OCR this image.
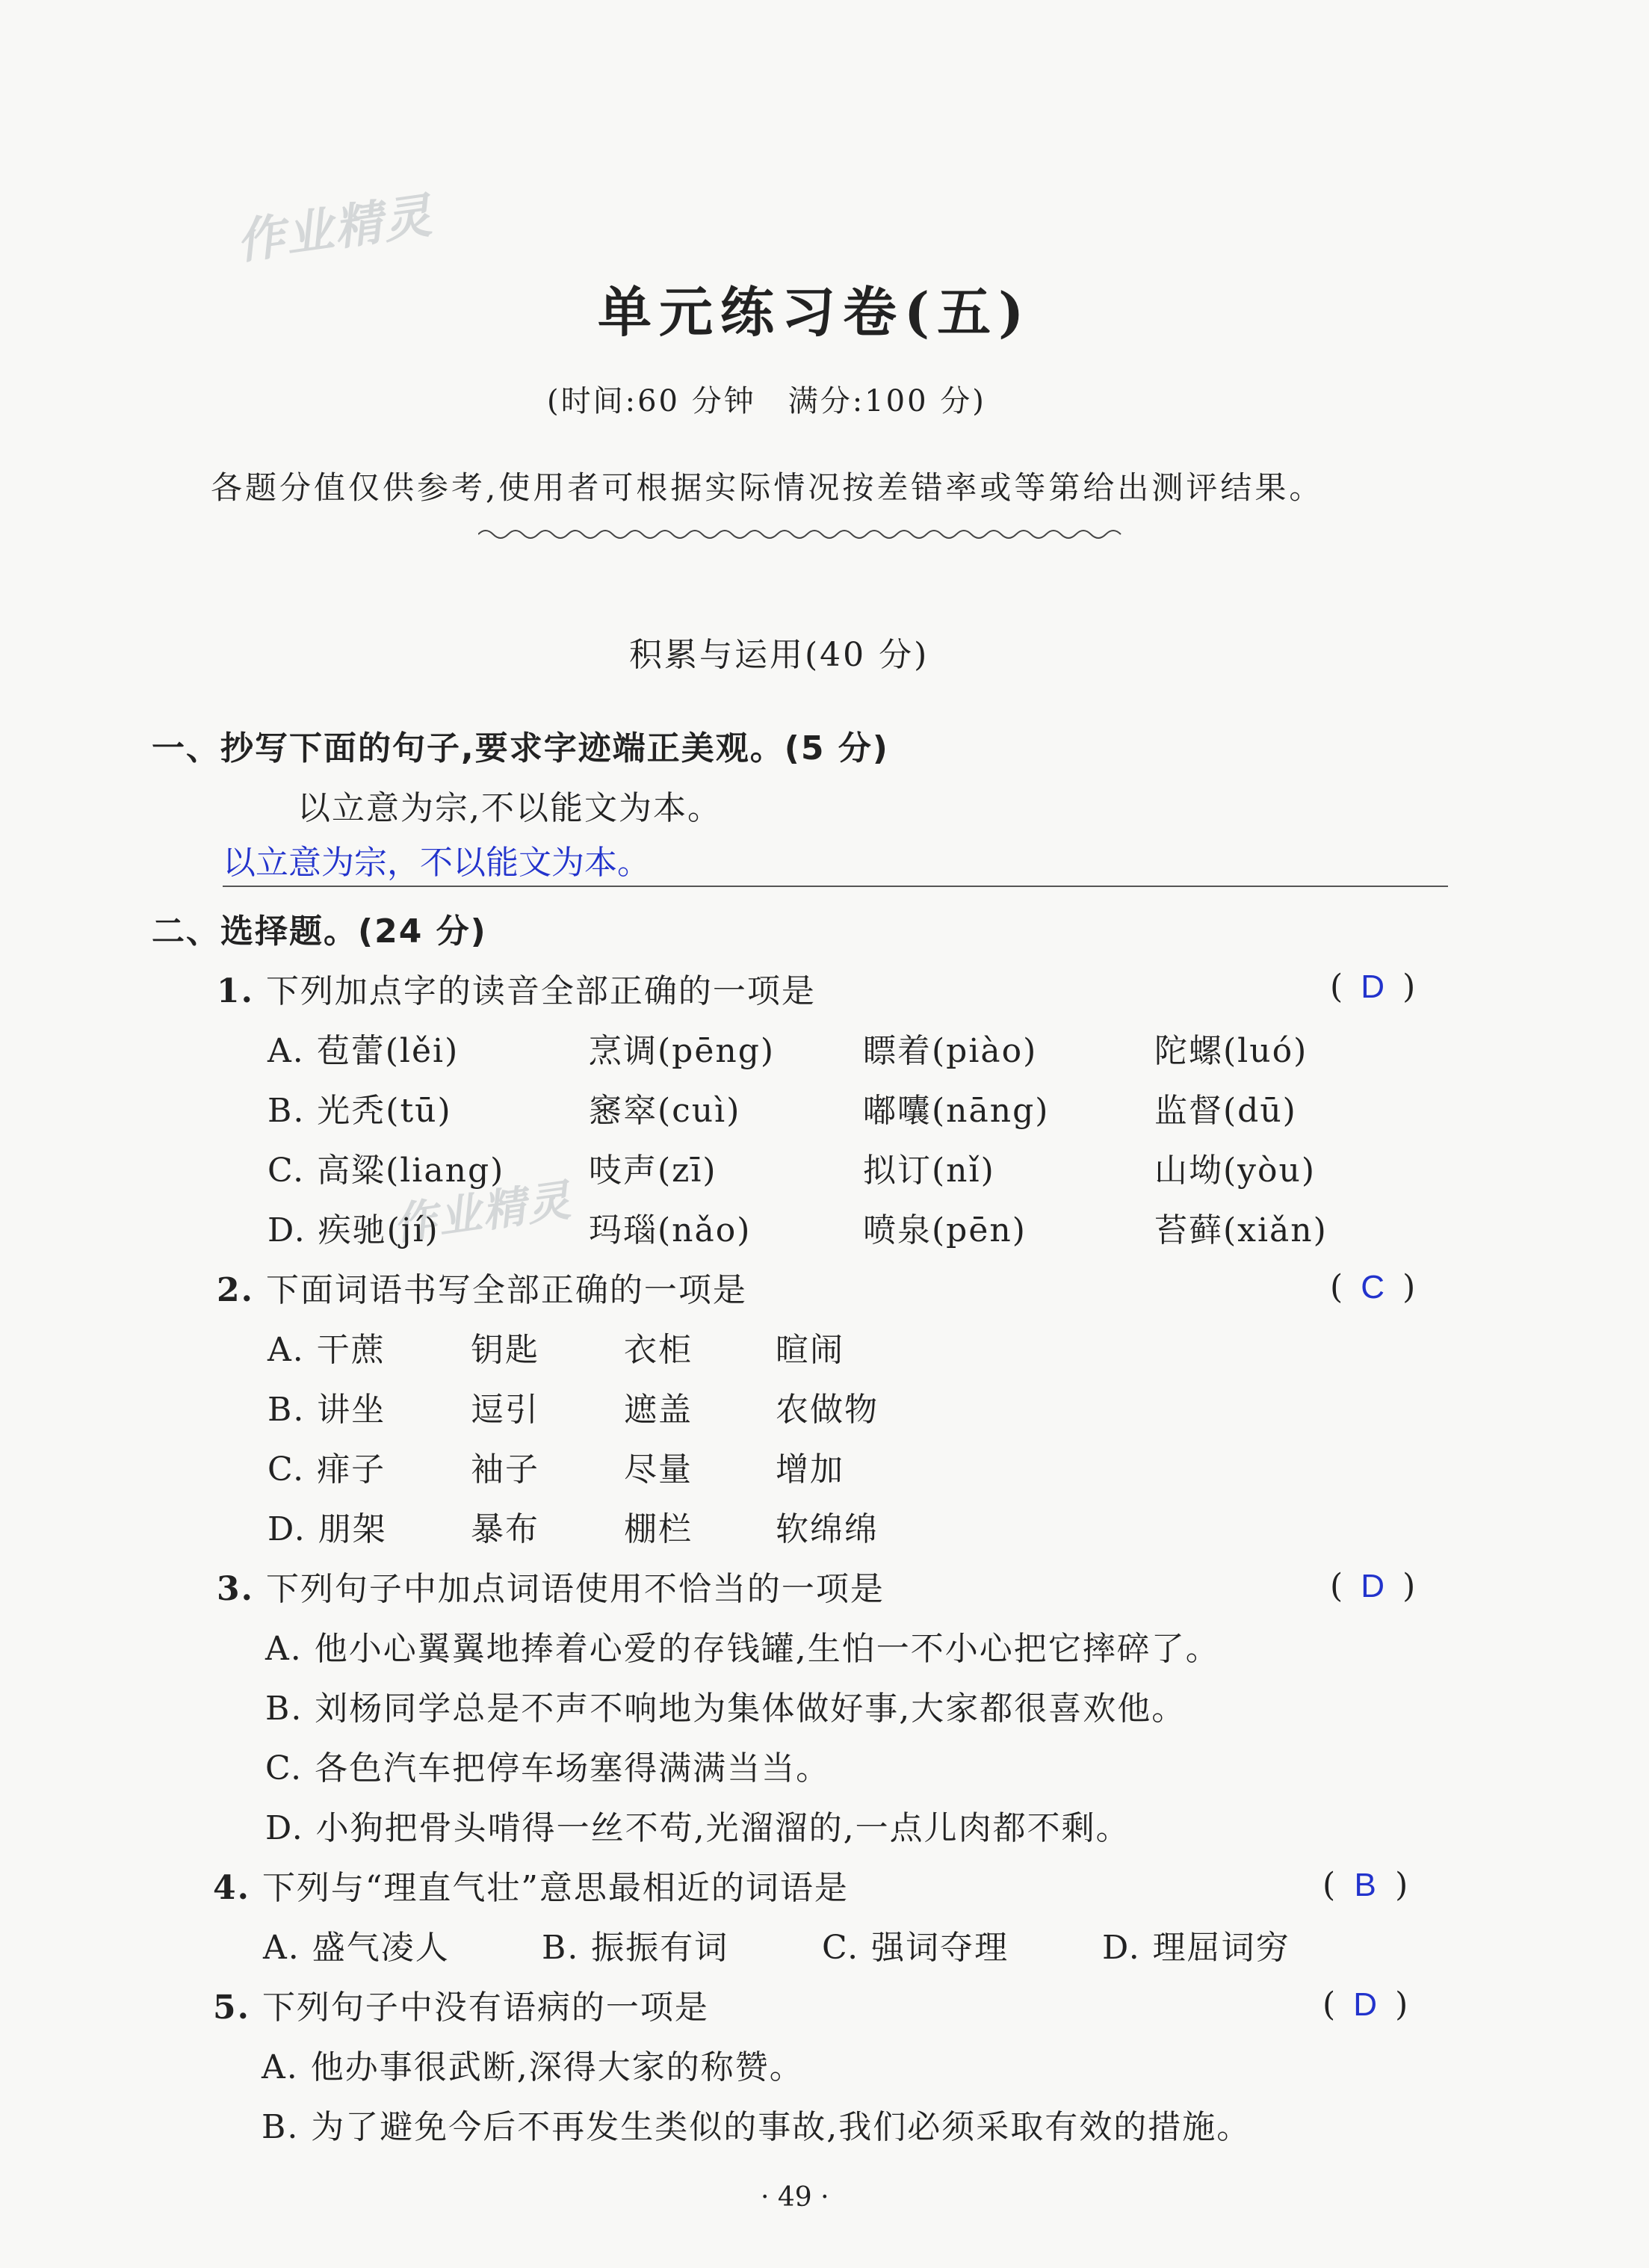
作业精灵
作业精灵
单元练习卷(五)
(时间:60 分钟　满分:100 分)
各题分值仅供参考,使用者可根据实际情况按差错率或等第给出测评结果。
积累与运用(40 分)
一、抄写下面的句子,要求字迹端正美观。(5 分)
以立意为宗,不以能文为本。
以立意为宗，不以能文为本。
二、选择题。(24 分)
1. 下列加点字的读音全部正确的一项是	( D )
A. 苞蕾(lěi)	烹调(pēng)	瞟着(piào)	陀螺(luó)
B. 光秃(tū)	窸窣(cuì)	嘟囔(nāng)	监督(dū)
C. 高粱(liang)	吱声(zī)	拟订(nǐ)	山坳(yòu)
D. 疾驰(jí)	玛瑙(nǎo)	喷泉(pēn)	苔藓(xiǎn)
2. 下面词语书写全部正确的一项是	( C )
A. 干蔗	钥匙	衣柜	暄闹
B. 讲坐	逗引	遮盖	农做物
C. 痱子	袖子	尽量	增加
D. 朋架	暴布	棚栏	软绵绵
3. 下列句子中加点词语使用不恰当的一项是	( D )
A. 他小心翼翼地捧着心爱的存钱罐,生怕一不小心把它摔碎了。
B. 刘杨同学总是不声不响地为集体做好事,大家都很喜欢他。
C. 各色汽车把停车场塞得满满当当。
D. 小狗把骨头啃得一丝不苟,光溜溜的,一点儿肉都不剩。
4. 下列与“理直气壮”意思最相近的词语是	( B )
A. 盛气凌人	B. 振振有词	C. 强词夺理	D. 理屈词穷
5. 下列句子中没有语病的一项是	( D )
A. 他办事很武断,深得大家的称赞。
B. 为了避免今后不再发生类似的事故,我们必须采取有效的措施。
· 49 ·
